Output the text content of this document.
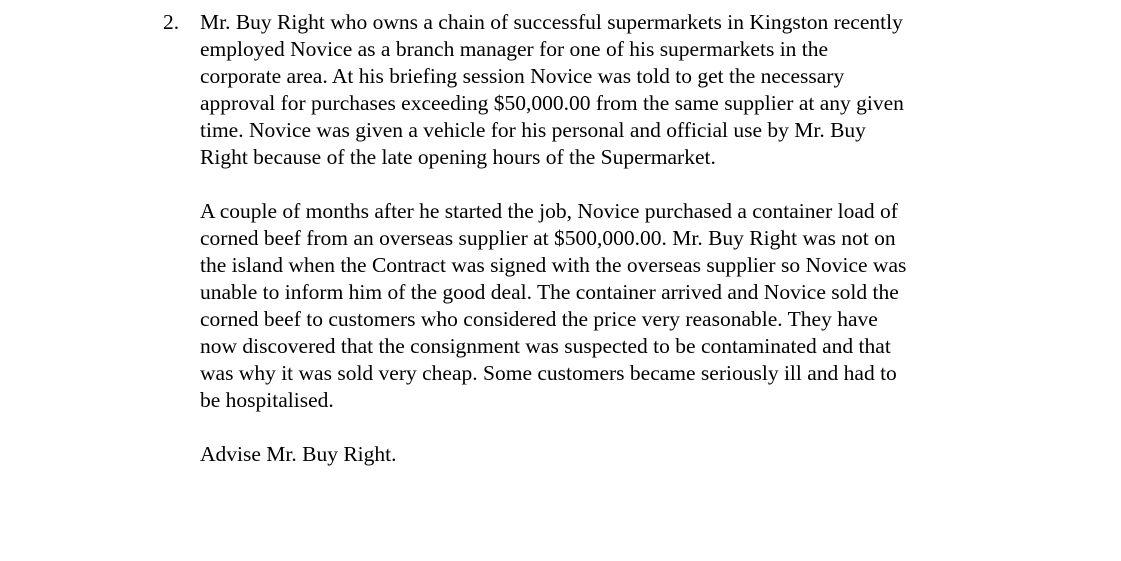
2. Mr. Buy Right who owns a chain of successful supermarkets in Kingston recently
employed Novice as a branch manager for one of his supermarkets in the
corporate area. At his briefing session Novice was told to get the necessary
approval for purchases exceeding $50,000.00 from the same supplier at any given
time. Novice was given a vehicle for his personal and official use by Mr. Buy
Right because of the late opening hours of the Supermarket.
A couple of months after he started the job, Novice purchased a container load of
corned beef from an overseas supplier at $500,000.00. Mr. Buy Right was not on
the island when the Contract was signed with the overseas supplier so Novice was
unable to inform him of the good deal. The container arrived and Novice sold the
corned beef to customers who considered the price very reasonable. They have
now discovered that the consignment was suspected to be contaminated and that
was why it was sold very cheap. Some customers became seriously ill and had to
be hospitalised.
Advise Mr. Buy Right.
